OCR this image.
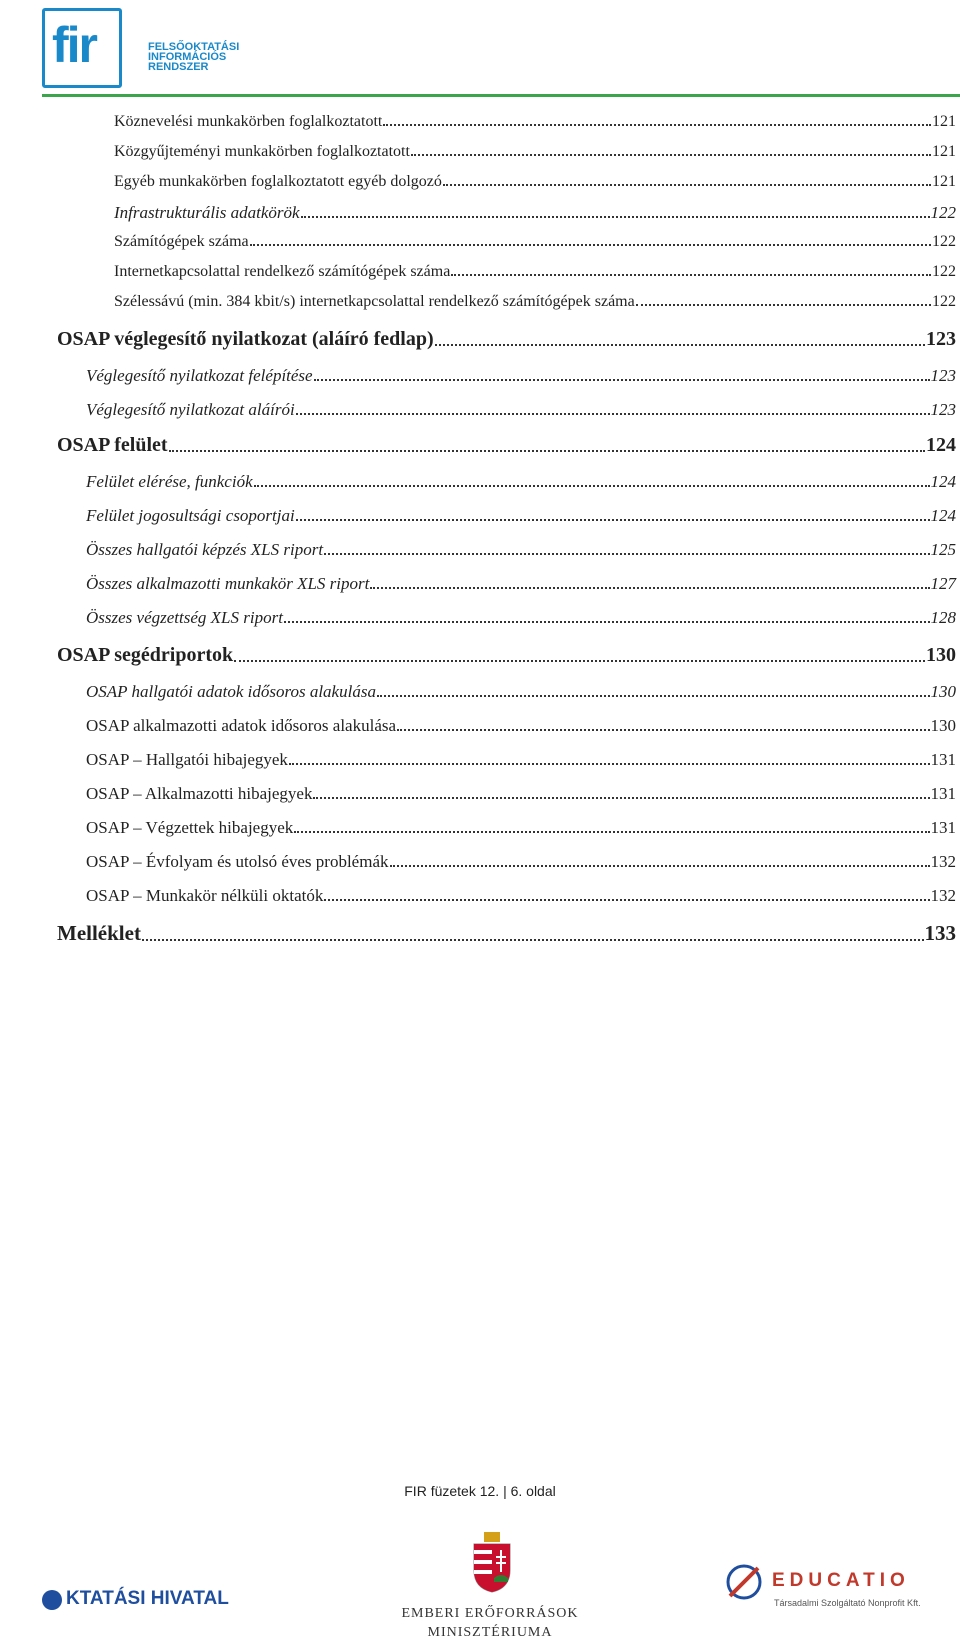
fir	FELSŐOKTATÁSI
INFORMÁCIÓS
RENDSZER
Köznevelési munkakörben foglalkoztatott	121
Közgyűjteményi munkakörben foglalkoztatott	121
Egyéb munkakörben foglalkoztatott egyéb dolgozó	121
Infrastrukturális adatkörök	122
Számítógépek száma	122
Internetkapcsolattal rendelkező számítógépek száma	122
Szélessávú (min. 384 kbit/s) internetkapcsolattal rendelkező számítógépek száma	122
OSAP véglegesítő nyilatkozat (aláíró fedlap)	123
Véglegesítő nyilatkozat felépítése	123
Véglegesítő nyilatkozat aláírói	123
OSAP felület	124
Felület elérése, funkciók	124
Felület jogosultsági csoportjai	124
Összes hallgatói képzés XLS riport	125
Összes alkalmazotti munkakör XLS riport	127
Összes végzettség XLS riport	128
OSAP segédriportok	130
OSAP hallgatói adatok idősoros alakulása	130
OSAP alkalmazotti adatok idősoros alakulása	130
OSAP – Hallgatói hibajegyek	131
OSAP – Alkalmazotti hibajegyek	131
OSAP – Végzettek hibajegyek	131
OSAP – Évfolyam és utolsó éves problémák	132
OSAP – Munkakör nélküli oktatók	132
Melléklet	133
FIR füzetek 12. | 6. oldal
KTATÁSI HIVATAL
EMBERI ERŐFORRÁSOK
MINISZTÉRIUMA
EDUCATIO
Társadalmi Szolgáltató Nonprofit Kft.
